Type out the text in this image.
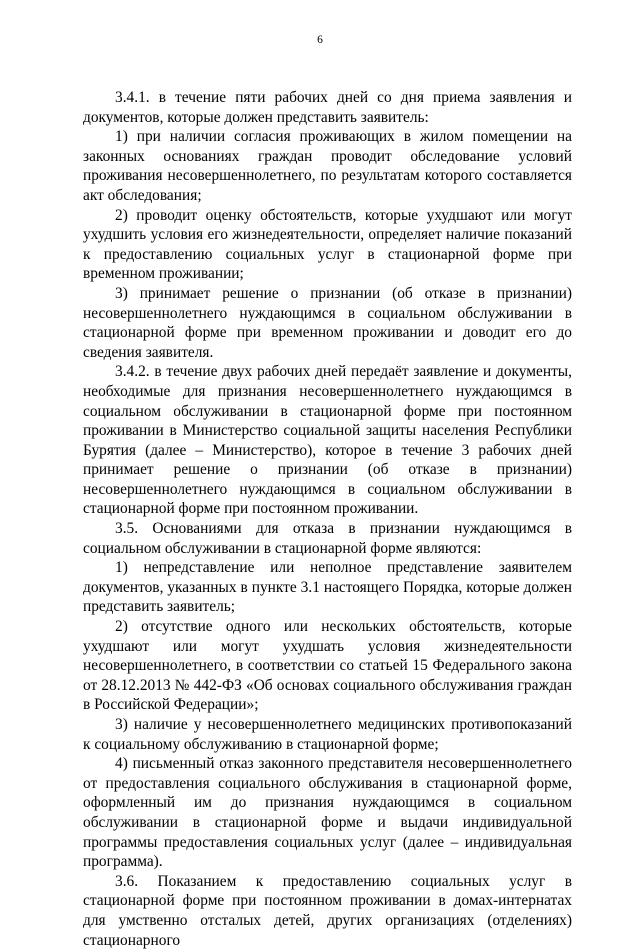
6

3.4.1. в течение пяти рабочих дней со дня приема заявления и документов, которые должен представить заявитель:

1) при наличии согласия проживающих в жилом помещении на законных основаниях граждан проводит обследование условий проживания несовершеннолетнего, по результатам которого составляется акт обследования;

2) проводит оценку обстоятельств, которые ухудшают или могут ухудшить условия его жизнедеятельности, определяет наличие показаний к предоставлению социальных услуг в стационарной форме при временном проживании;

3) принимает решение о признании (об отказе в признании) несовершеннолетнего нуждающимся в социальном обслуживании в стационарной форме при временном проживании и доводит его до сведения заявителя.

3.4.2. в течение двух рабочих дней передаёт заявление и документы, необходимые для признания несовершеннолетнего нуждающимся в социальном обслуживании в стационарной форме при постоянном проживании в Министерство социальной защиты населения Республики Бурятия (далее – Министерство), которое в течение 3 рабочих дней принимает решение о признании (об отказе в признании) несовершеннолетнего нуждающимся в социальном обслуживании в стационарной форме при постоянном проживании.

3.5. Основаниями для отказа в признании нуждающимся в социальном обслуживании в стационарной форме являются:

1) непредставление или неполное представление заявителем документов, указанных в пункте 3.1 настоящего Порядка, которые должен представить заявитель;

2) отсутствие одного или нескольких обстоятельств, которые ухудшают или могут ухудшать условия жизнедеятельности несовершеннолетнего, в соответствии со статьей 15 Федерального закона от 28.12.2013 № 442-ФЗ «Об основах социального обслуживания граждан в Российской Федерации»;

3) наличие у несовершеннолетнего медицинских противопоказаний к социальному обслуживанию в стационарной форме;

4) письменный отказ законного представителя несовершеннолетнего от предоставления социального обслуживания в стационарной форме, оформленный им до признания нуждающимся в социальном обслуживании в стационарной форме и выдачи индивидуальной программы предоставления социальных услуг (далее – индивидуальная программа).

3.6. Показанием к предоставлению социальных услуг в стационарной форме при постоянном проживании в домах-интернатах для умственно отсталых детей, других организациях (отделениях) стационарного
